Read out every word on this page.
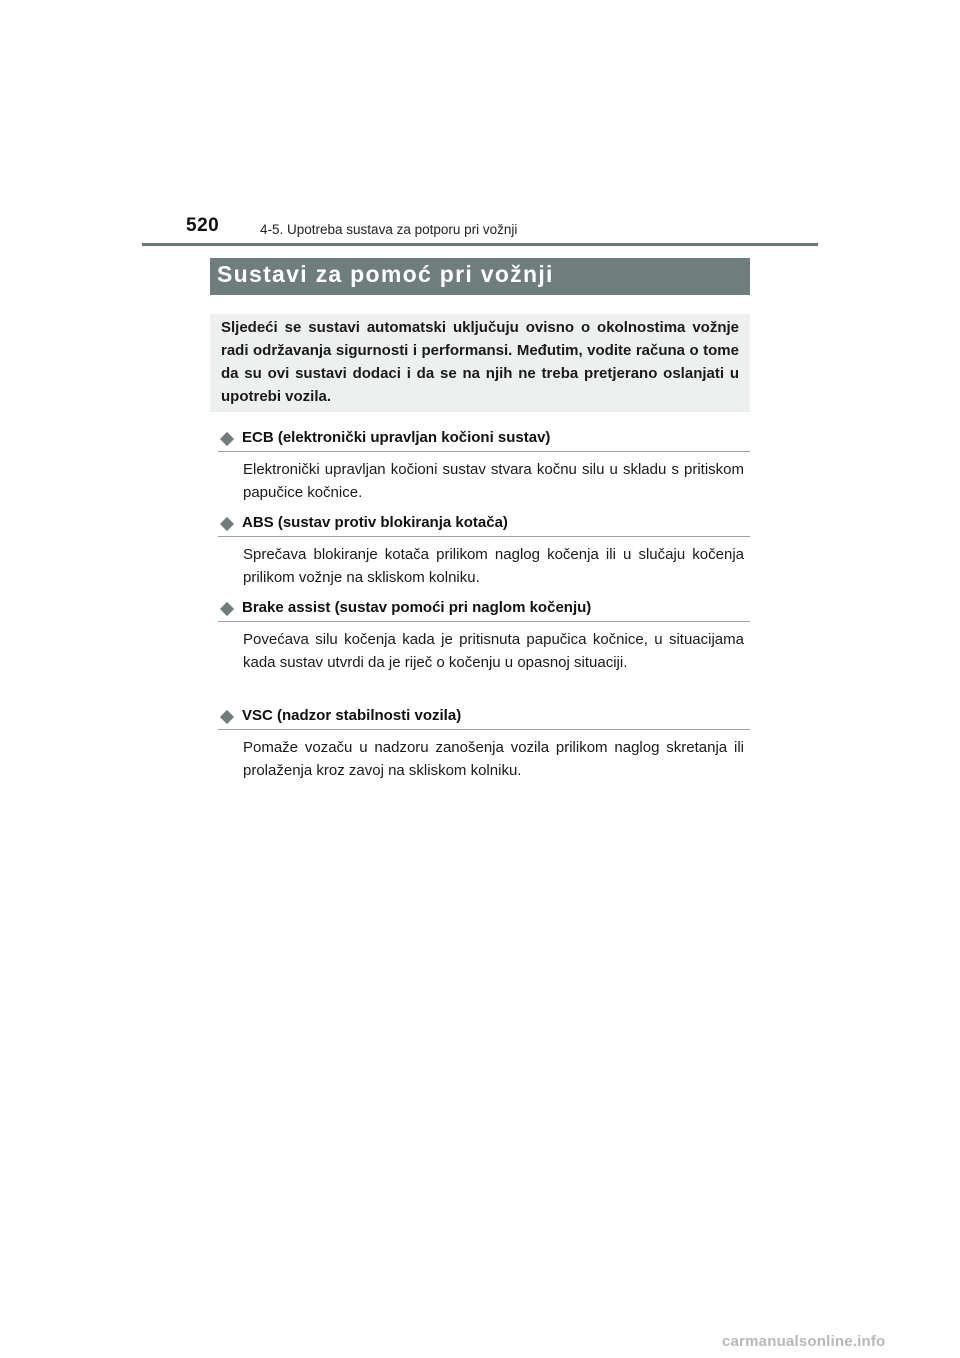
520	4-5. Upotreba sustava za potporu pri vožnji
Sustavi za pomoć pri vožnji
Sljedeći se sustavi automatski uključuju ovisno o okolnostima vožnje radi održavanja sigurnosti i performansi. Međutim, vodite računa o tome da su ovi sustavi dodaci i da se na njih ne treba pretjerano oslanjati u upotrebi vozila.
ECB (elektronički upravljan kočioni sustav)
Elektronički upravljan kočioni sustav stvara kočnu silu u skladu s pritiskom papučice kočnice.
ABS (sustav protiv blokiranja kotača)
Sprečava blokiranje kotača prilikom naglog kočenja ili u slučaju kočenja prilikom vožnje na skliskom kolniku.
Brake assist (sustav pomoći pri naglom kočenju)
Povećava silu kočenja kada je pritisnuta papučica kočnice, u situacijama kada sustav utvrdi da je riječ o kočenju u opasnoj situaciji.
VSC (nadzor stabilnosti vozila)
Pomaže vozaču u nadzoru zanošenja vozila prilikom naglog skretanja ili prolaženja kroz zavoj na skliskom kolniku.
carmanualsonline.info
